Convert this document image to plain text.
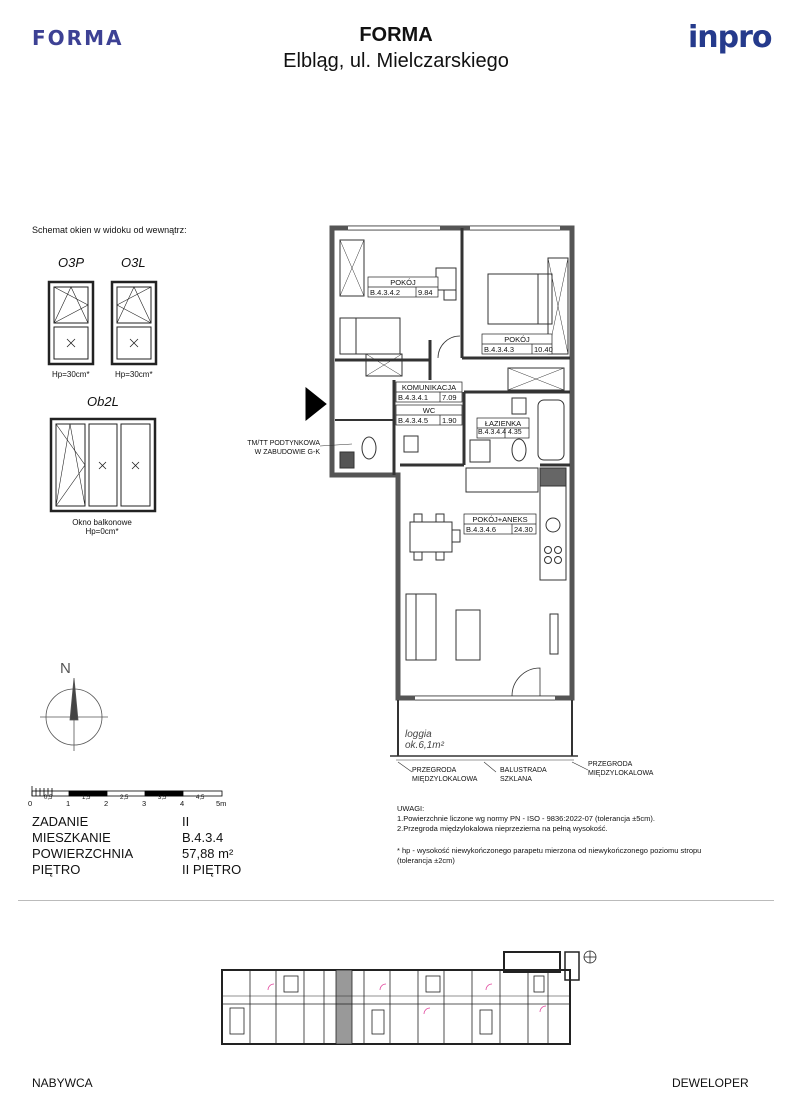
FORMA	FORMA
Elbląg, ul. Mielczarskiego
inpro
Schemat okien w widoku od wewnątrz:
O3P	O3L
Hp=30cm*	Hp=30cm*
Ob2L
Okno balkonowe
Hp=0cm*
POKÓJ
B.4.3.4.2 9.84
POKÓJ
B.4.3.4.3	10.40
KOMUNIKACJA
B.4.3.4.1 7.09
WC
B.4.3.4.5 1.90	ŁAZIENKA
B.4.3.4.4 4.35
POKÓJ+ANEKS
B.4.3.4.6 24.30
TM/TT PODTYNKOWA
W ZABUDOWIE G-K
loggia
ok.6,1m²
PRZEGRODA
MIĘDZYLOKALOWA
BALUSTRADA
SZKLANA
PRZEGRODA
MIĘDZYLOKALOWA
N
0	1	2	3	4	5m
0,5	1,5	2,5	3,5	4,5
ZADANIE	II
MIESZKANIE	B.4.3.4
POWIERZCHNIA	57,88 m²
PIĘTRO	II PIĘTRO
UWAGI:
1.Powierzchnie liczone wg normy PN - ISO - 9836:2022-07 (tolerancja ±5cm).
2.Przegroda międzylokalowa nieprzezierna na pełną wysokość.
* hp - wysokość niewykończonego parapetu mierzona od niewykończonego poziomu stropu
(tolerancja ±2cm)
NABYWCA	DEWELOPER
